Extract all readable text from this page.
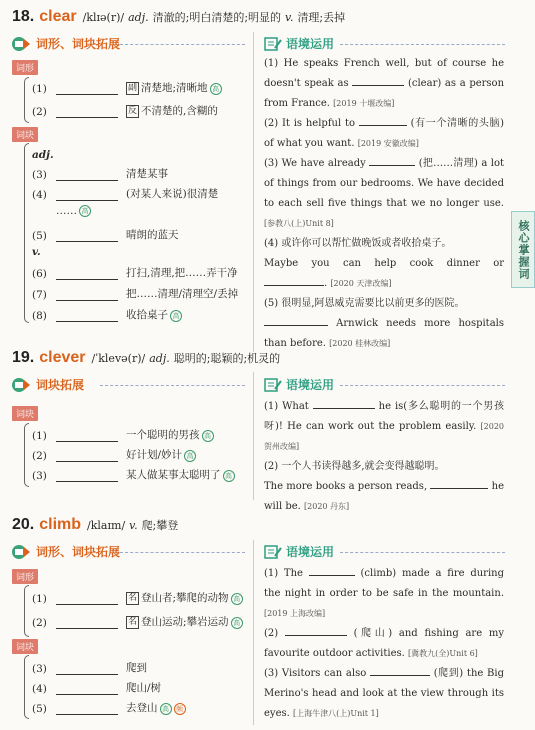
18. clear /klɪə(r)/ adj. 清澈的;明白清楚的;明显的 v. 清理;丢掉
词形、词块拓展	语境运用
词形
(1)	副 清楚地;清晰地 高
(2)	反 不清楚的,含糊的
词块
adj.
(3)	清楚某事
(4)	(对某人来说)很清楚
…… 高
(5)	晴朗的蓝天
v.
(6)	打扫,清理,把……弄干净
(7)	把……清理/清理空/丢掉
(8)	收拾桌子 高
(1) He speaks French well, but of course he doesn't speak as	(clear) as a person from France. [2019 十堰改编]
(2) It is helpful to	(有一个清晰的头脑) of what you want. [2019 安徽改编]
(3) We have already	(把……清理) a lot of things from our bedrooms. We have decided to each sell five things that we no longer use. [参教八(上)Unit 8]
(4) 或许你可以帮忙做晚饭或者收拾桌子。
Maybe you can help cook dinner or . [2020 天津改编]
(5) 很明显,阿恩威克需要比以前更多的医院。
Arnwick needs more hospitals than before. [2020 桂林改编]
核心掌握词
19. clever /ˈklevə(r)/ adj. 聪明的;聪颖的;机灵的
词块拓展	语境运用
词块
(1)	一个聪明的男孩 高
(2)	好计划/妙计 高
(3)	某人做某事太聪明了 高
(1) What	he is(多么聪明的一个男孩呀)! He can work out the problem easily. [2020 贺州改编]
(2) 一个人书读得越多,就会变得越聪明。
The more books a person reads,	he will be. [2020 丹东]
20. climb /klaɪm/ v. 爬;攀登
词形、词块拓展	语境运用
词形
(1)	名 登山者;攀爬的动物 高
(2)	名 登山运动;攀岩运动 高
词块
(3)	爬到
(4)	爬山/树
(5)	去登山 高	频
(1) The	(climb) made a fire during the night in order to be safe in the mountain. [2019 上海改编]
(2)	(爬山) and fishing are my favourite outdoor activities. [冀教九(全)Unit 6]
(3) Visitors can also	(爬到) the Big Merino's head and look at the view through its eyes. [上海牛津八(上)Unit 1]
